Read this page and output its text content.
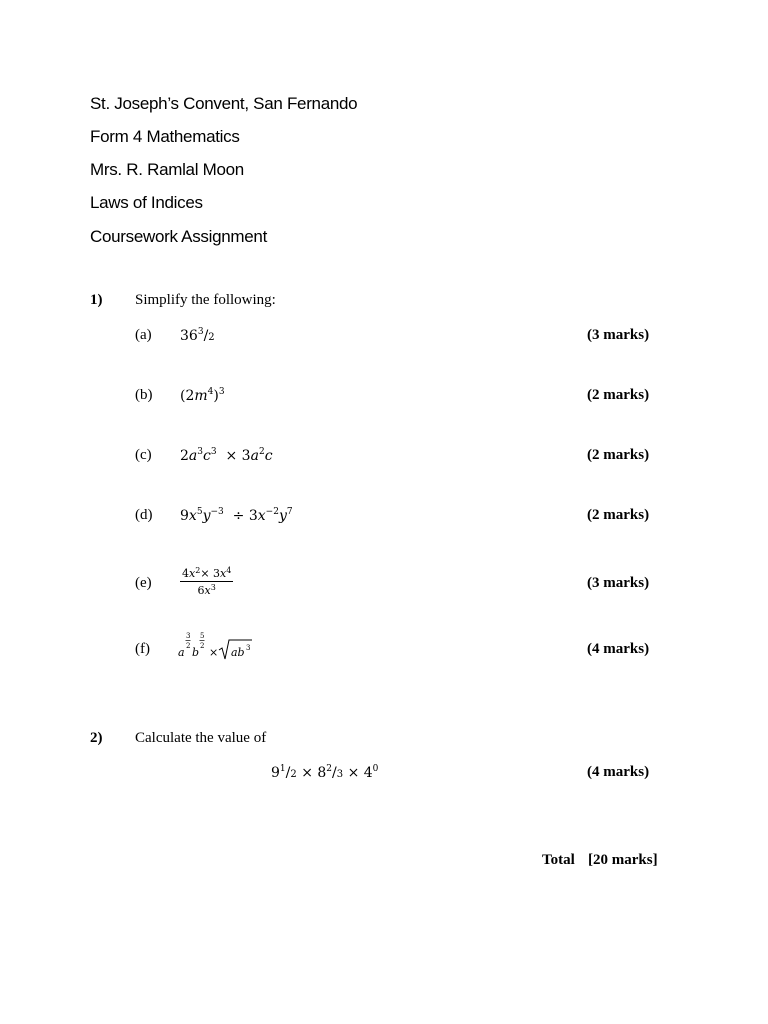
St. Joseph’s Convent, San Fernando
Form 4 Mathematics
Mrs. R. Ramlal Moon
Laws of Indices
Coursework Assignment
1) Simplify the following:
(a) $36^3/2$	(3 marks)
(b) $(2m^4)^3$	(2 marks)
(c) $2a^3c^3 \times 3a^2c$	(2 marks)
(d) $9x^5y^{-3} \div 3x^{-2}y^7$	(2 marks)
(e)	$\frac{4x^2\times 3x^4}{6x^3}$	(3 marks)
(f)	a
3
2 b
5
2 × ab 3	(4 marks)
2) Calculate the value of
$9^1/2 \times 8^2/3 \times 4^0$	(4 marks)
Total [20 marks]
